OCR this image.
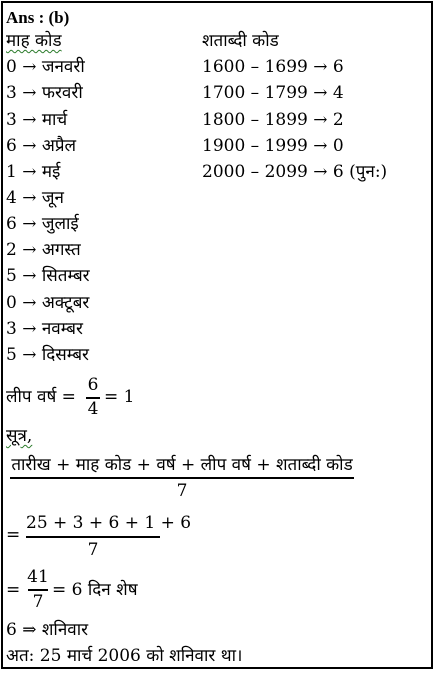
Ans : (b)
माह कोड	शताब्दी कोड
0 → जनवरी
3 → फरवरी
3 → मार्च
6 → अप्रैल
1 → मई
4 → जून
6 → जुलाई
2 → अगस्त
5 → सितम्बर
0 → अक्टूबर
3 → नवम्बर
5 → दिसम्बर
1600 – 1699 → 6
1700 – 1799 → 4
1800 – 1899 → 2
1900 – 1999 → 0
2000 – 2099 → 6 (पुन:)
लीप वर्ष =
6
4
= 1
सूत्र,
तारीख + माह कोड + वर्ष + लीप वर्ष + शताब्दी कोड
7
=
25 + 3 + 6 + 1 + 6
7
=
41
7
= 6 दिन शेष
6 ⇒ शनिवार
अत: 25 मार्च 2006 को शनिवार था।
